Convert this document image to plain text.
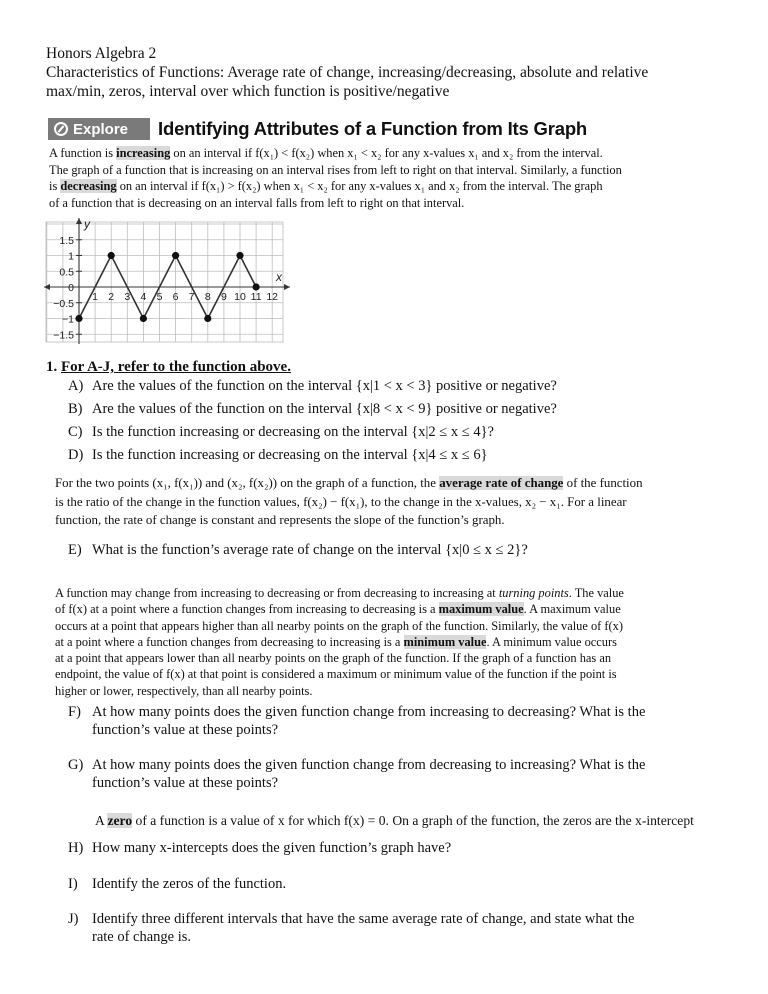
Honors Algebra 2
Characteristics of Functions: Average rate of change, increasing/decreasing, absolute and relative
max/min, zeros, interval over which function is positive/negative
Explore Identifying Attributes of a Function from Its Graph
A function is increasing on an interval if f(x₁) < f(x₂) when x₁ < x₂ for any x-values x₁ and x₂ from the interval.
The graph of a function that is increasing on an interval rises from left to right on that interval. Similarly, a function
is decreasing on an interval if f(x₁) > f(x₂) when x₁ < x₂ for any x-values x₁ and x₂ from the interval. The graph
of a function that is decreasing on an interval falls from left to right on that interval.
1 2 3 4 5 6 7 8 9 10 11 12
1.5
1
0.5
0
−0.5
−1
−1.5
x
y
1. For A-J, refer to the function above.
A) Are the values of the function on the interval {x|1 < x < 3} positive or negative?
B) Are the values of the function on the interval {x|8 < x < 9} positive or negative?
C) Is the function increasing or decreasing on the interval {x|2 ≤ x ≤ 4}?
D) Is the function increasing or decreasing on the interval {x|4 ≤ x ≤ 6}
For the two points (x₁, f(x₁)) and (x₂, f(x₂)) on the graph of a function, the average rate of change of the function
is the ratio of the change in the function values, f(x₂) − f(x₁), to the change in the x-values, x₂ − x₁. For a linear
function, the rate of change is constant and represents the slope of the function’s graph.
E) What is the function’s average rate of change on the interval {x|0 ≤ x ≤ 2}?
A function may change from increasing to decreasing or from decreasing to increasing at turning points. The value
of f(x) at a point where a function changes from increasing to decreasing is a maximum value. A maximum value
occurs at a point that appears higher than all nearby points on the graph of the function. Similarly, the value of f(x)
at a point where a function changes from decreasing to increasing is a minimum value. A minimum value occurs
at a point that appears lower than all nearby points on the graph of the function. If the graph of a function has an
endpoint, the value of f(x) at that point is considered a maximum or minimum value of the function if the point is
higher or lower, respectively, than all nearby points.
F) At how many points does the given function change from increasing to decreasing? What is the
function’s value at these points?
G) At how many points does the given function change from decreasing to increasing? What is the
function’s value at these points?
A zero of a function is a value of x for which f(x) = 0. On a graph of the function, the zeros are the x-intercept
H) How many x-intercepts does the given function’s graph have?
I) Identify the zeros of the function.
J) Identify three different intervals that have the same average rate of change, and state what the
rate of change is.
